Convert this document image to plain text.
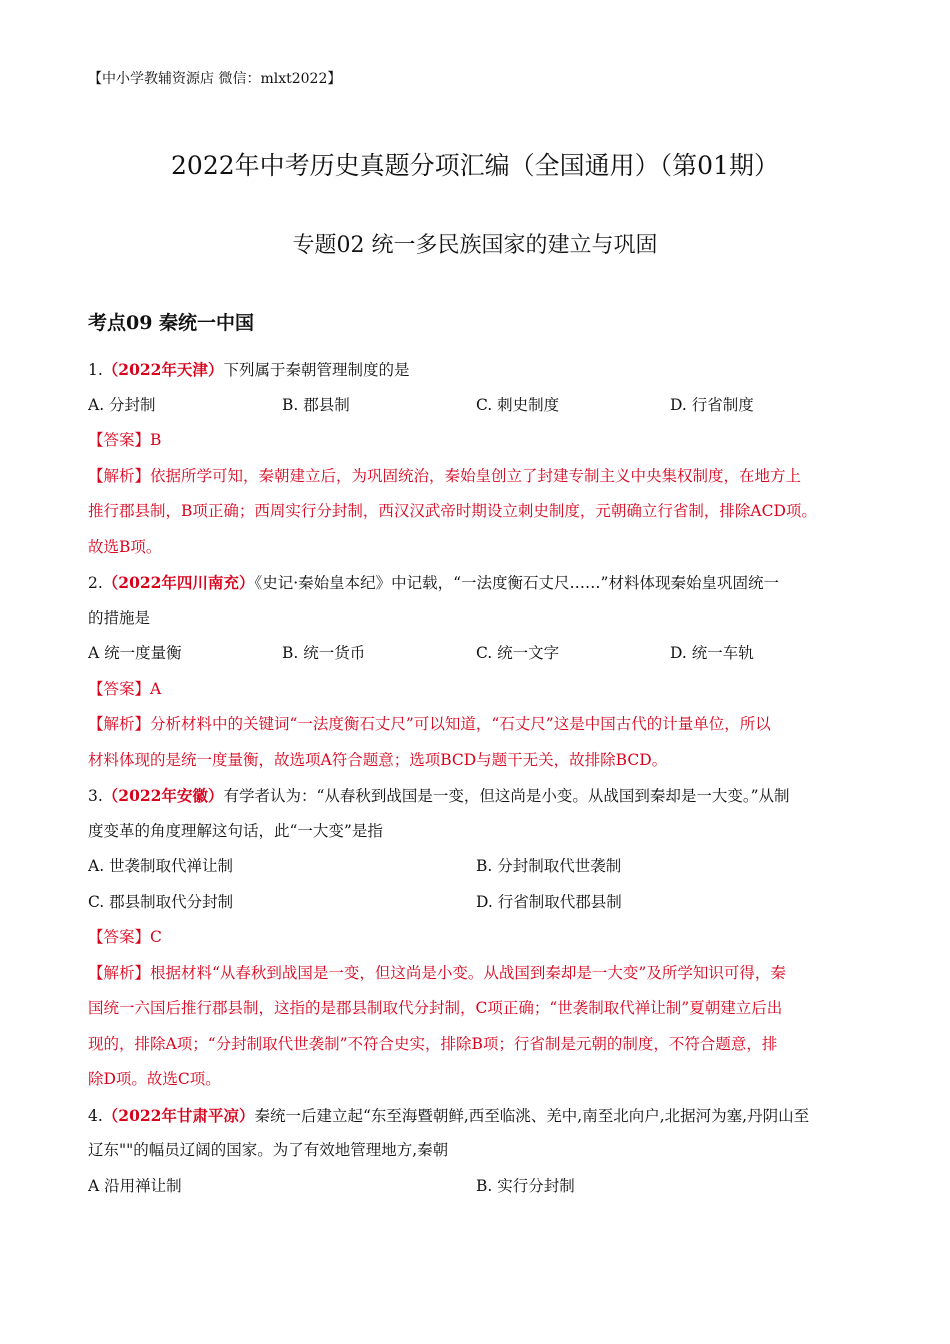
【中小学教辅资源店 微信：mlxt2022】
2022年中考历史真题分项汇编（全国通用）（第01期）
专题02 统一多民族国家的建立与巩固
考点09 秦统一中国
1.（2022年天津）下列属于秦朝管理制度的是
A. 分封制	B. 郡县制	C. 刺史制度	D. 行省制度
【答案】B
【解析】依据所学可知，秦朝建立后，为巩固统治，秦始皇创立了封建专制主义中央集权制度，在地方上
推行郡县制，B项正确；西周实行分封制，西汉汉武帝时期设立刺史制度，元朝确立行省制，排除ACD项。
故选B项。
2.（2022年四川南充）《史记·秦始皇本纪》中记载，“一法度衡石丈尺……”材料体现秦始皇巩固统一
的措施是
A 统一度量衡	B. 统一货币	C. 统一文字	D. 统一车轨
【答案】A
【解析】分析材料中的关键词“一法度衡石丈尺”可以知道，“石丈尺”这是中国古代的计量单位，所以
材料体现的是统一度量衡，故选项A符合题意；选项BCD与题干无关，故排除BCD。
3.（2022年安徽）有学者认为：“从春秋到战国是一变，但这尚是小变。从战国到秦却是一大变。”从制
度变革的角度理解这句话，此“一大变”是指
A. 世袭制取代禅让制	B. 分封制取代世袭制
C. 郡县制取代分封制	D. 行省制取代郡县制
【答案】C
【解析】根据材料“从春秋到战国是一变，但这尚是小变。从战国到秦却是一大变”及所学知识可得，秦
国统一六国后推行郡县制，这指的是郡县制取代分封制，C项正确；“世袭制取代禅让制”夏朝建立后出
现的，排除A项；“分封制取代世袭制”不符合史实，排除B项；行省制是元朝的制度，不符合题意，排
除D项。故选C项。
4.（2022年甘肃平凉）秦统一后建立起“东至海暨朝鲜,西至临洮、羌中,南至北向户,北据河为塞,丹阴山至
辽东""的幅员辽阔的国家。为了有效地管理地方,秦朝
A 沿用禅让制	B. 实行分封制
